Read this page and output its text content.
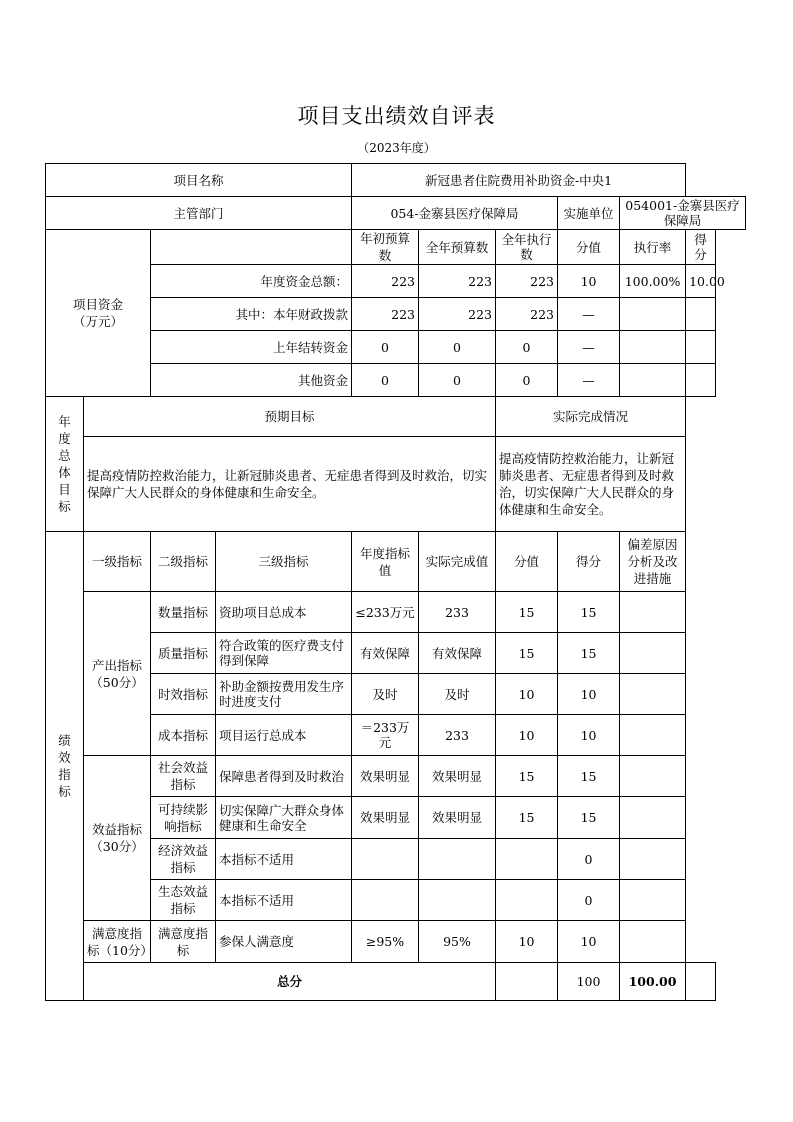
项目支出绩效自评表
（2023年度）
项目名称				新冠患者住院费用补助资金-中央1					
主管部门				054-金寨县医疗保障局			实施单位	054001-金寨县医疗保障局	
项目资金
（万元）				年初预算数	全年预算数	全年执行数	分值	执行率	得分
		年度资金总额：		223	223	223	10	100.00%	10.00
		其中：本年财政拨款		223	223	223	—		
		上年结转资金		0	0	0	—		
		其他资金		0	0	0	—		
年度总体目标	预期目标					实际完成情况			
	提高疫情防控救治能力，让新冠肺炎患者、无症患者得到及时救治，切实保障广大人民群众的身体健康和生命安全。					提高疫情防控救治能力，让新冠肺炎患者、无症患者得到及时救治，切实保障广大人民群众的身体健康和生命安全。			
绩效指标	一级指标	二级指标	三级指标	年度指标值	实际完成值	分值	得分	偏差原因分析及改进措施	
	产出指标（50分）	数量指标	资助项目总成本	≤233万元	233	15	15		
		质量指标	符合政策的医疗费支付得到保障	有效保障	有效保障	15	15		
		时效指标	补助金额按费用发生序时进度支付	及时	及时	10	10		
		成本指标	项目运行总成本	＝233万元	233	10	10		
	效益指标（30分）	社会效益指标	保障患者得到及时救治	效果明显	效果明显	15	15		
		可持续影响指标	切实保障广大群众身体健康和生命安全	效果明显	效果明显	15	15		
		经济效益指标	本指标不适用				0		
		生态效益指标	本指标不适用				0		
	满意度指标（10分）	满意度指标	参保人满意度	≥95%	95%	10	10		
	总分						100	100.00	
